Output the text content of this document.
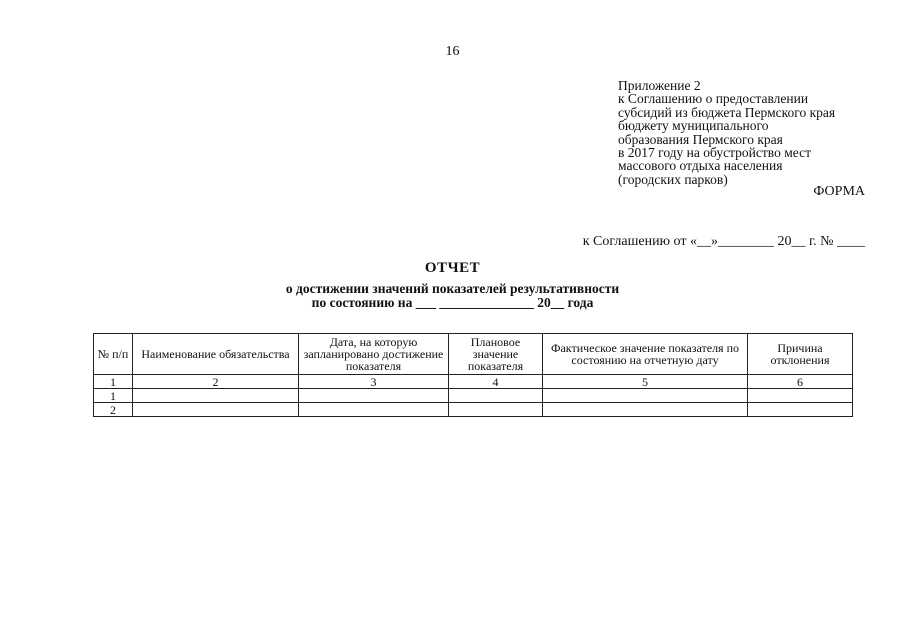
16
Приложение 2
к Соглашению о предоставлении
субсидий из бюджета Пермского края
бюджету муниципального
образования Пермского края
в 2017 году на обустройство мест
массового отдыха населения
(городских парков)
ФОРМА
к Соглашению от «__»________ 20__ г. № ____
ОТЧЕТ
о достижении значений показателей результативности
по состоянию на ___ ______________ 20__ года
№ п/п	Наименование обязательства	Дата, на которую запланировано достижение показателя	Плановое значение показателя	Фактическое значение показателя по состоянию на отчетную дату	Причина отклонения
1	2	3	4	5	6
1					
2					
